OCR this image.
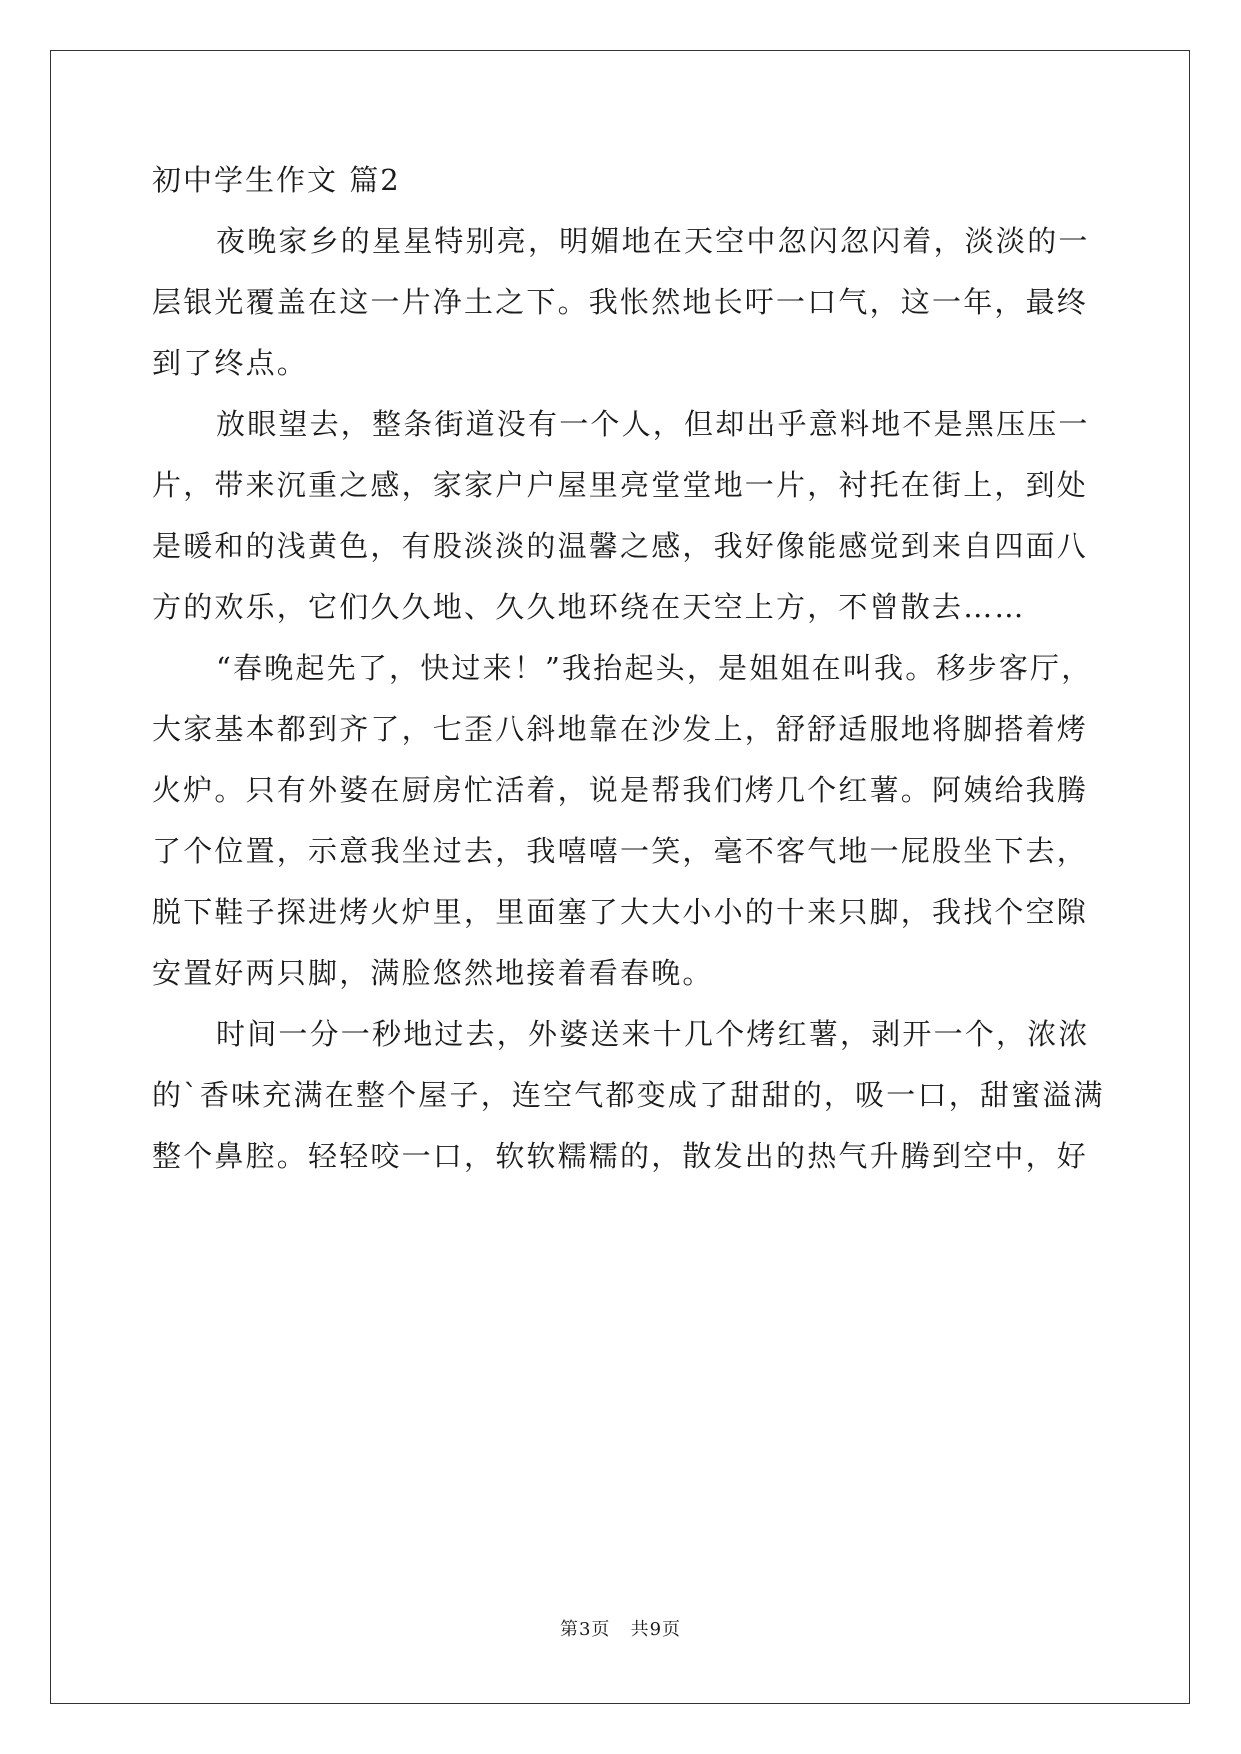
初中学生作文 篇2
夜晚家乡的星星特别亮，明媚地在天空中忽闪忽闪着，淡淡的一
层银光覆盖在这一片净土之下。我怅然地长吁一口气，这一年，最终
到了终点。
放眼望去，整条街道没有一个人，但却出乎意料地不是黑压压一
片，带来沉重之感，家家户户屋里亮堂堂地一片，衬托在街上，到处
是暖和的浅黄色，有股淡淡的温馨之感，我好像能感觉到来自四面八
方的欢乐，它们久久地、久久地环绕在天空上方，不曾散去……
“春晚起先了，快过来！”我抬起头，是姐姐在叫我。移步客厅，
大家基本都到齐了，七歪八斜地靠在沙发上，舒舒适服地将脚搭着烤
火炉。只有外婆在厨房忙活着，说是帮我们烤几个红薯。阿姨给我腾
了个位置，示意我坐过去，我嘻嘻一笑，毫不客气地一屁股坐下去，
脱下鞋子探进烤火炉里，里面塞了大大小小的十来只脚，我找个空隙
安置好两只脚，满脸悠然地接着看春晚。
时间一分一秒地过去，外婆送来十几个烤红薯，剥开一个，浓浓
的`香味充满在整个屋子，连空气都变成了甜甜的，吸一口，甜蜜溢满
整个鼻腔。轻轻咬一口，软软糯糯的，散发出的热气升腾到空中，好
第3页 共9页
